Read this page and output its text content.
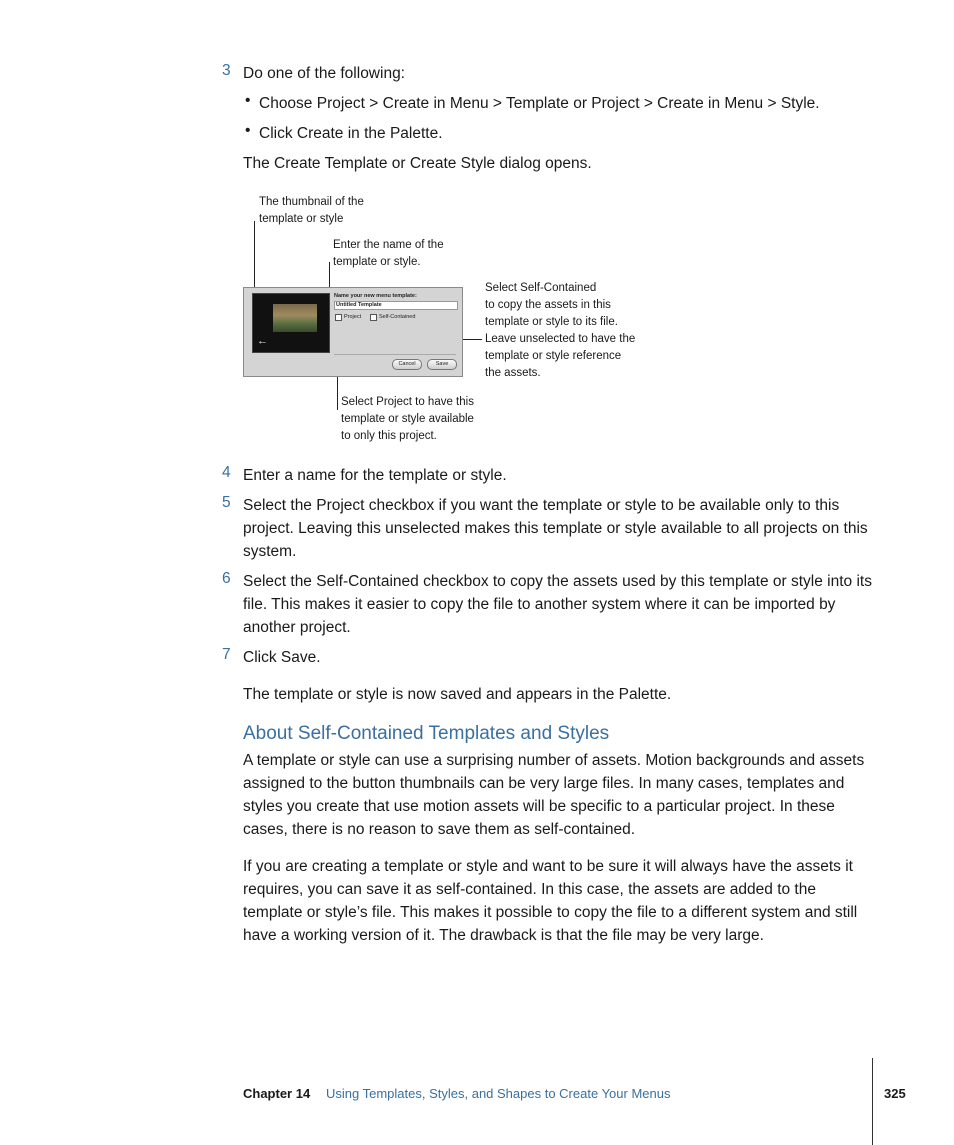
3 Do one of the following:
• Choose Project > Create in Menu > Template or Project > Create in Menu > Style.
• Click Create in the Palette.
The Create Template or Create Style dialog opens.
The thumbnail of the
template or style
Enter the name of the
template or style.
Select Self-Contained
to copy the assets in this
template or style to its file.
Leave unselected to have the
template or style reference
the assets.
Select Project to have this
template or style available
to only this project.
←
Name your new menu template:
Untitled Template
Project	Self-Contained
Cancel	Save
4 Enter a name for the template or style.
5 Select the Project checkbox if you want the template or style to be available only to this project. Leaving this unselected makes this template or style available to all projects on this system.
6 Select the Self-Contained checkbox to copy the assets used by this template or style into its file. This makes it easier to copy the file to another system where it can be imported by another project.
7 Click Save.
The template or style is now saved and appears in the Palette.
About Self-Contained Templates and Styles
A template or style can use a surprising number of assets. Motion backgrounds and assets assigned to the button thumbnails can be very large files. In many cases, templates and styles you create that use motion assets will be specific to a particular project. In these cases, there is no reason to save them as self-contained.
If you are creating a template or style and want to be sure it will always have the assets it requires, you can save it as self-contained. In this case, the assets are added to the template or style’s file. This makes it possible to copy the file to a different system and still have a working version of it. The drawback is that the file may be very large.
Chapter 14 Using Templates, Styles, and Shapes to Create Your Menus	325
